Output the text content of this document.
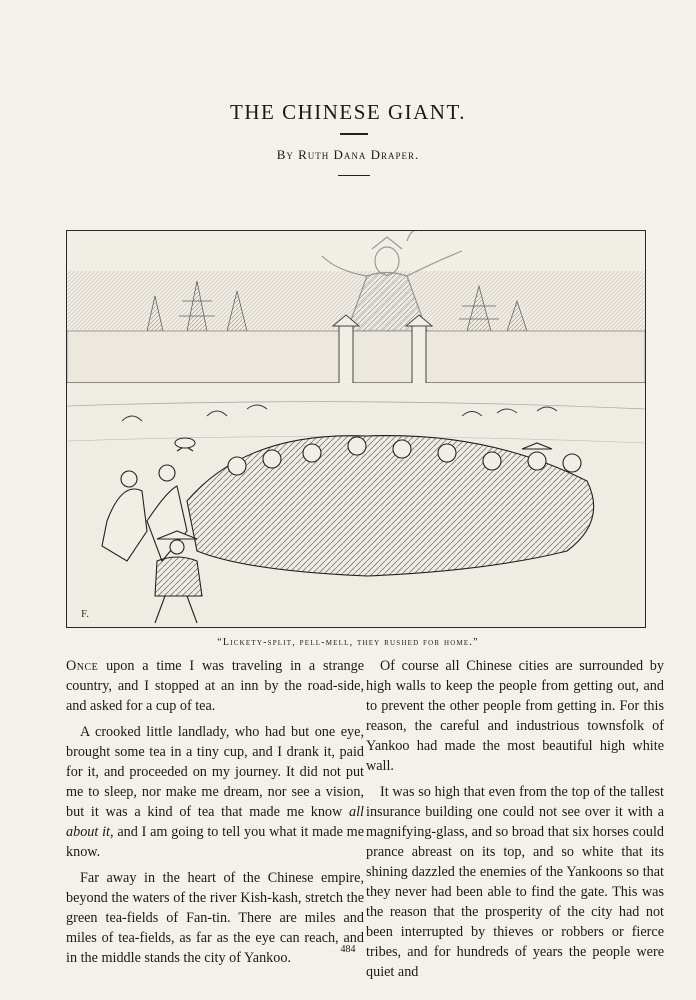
THE CHINESE GIANT.
By Ruth Dana Draper.
F.
“Lickety-split, pell-mell, they rushed for home.”

Once upon a time I was traveling in a strange country, and I stopped at an inn by the road-side, and asked for a cup of tea.

A crooked little landlady, who had but one eye, brought some tea in a tiny cup, and I drank it, paid for it, and proceeded on my journey. It did not put me to sleep, nor make me dream, nor see a vision, but it was a kind of tea that made me know all about it, and I am going to tell you what it made me know.

Far away in the heart of the Chinese empire, beyond the waters of the river Kish-kash, stretch the green tea-fields of Fan-tin. There are miles and miles of tea-fields, as far as the eye can reach, and in the middle stands the city of Yankoo.

Of course all Chinese cities are surrounded by high walls to keep the people from getting out, and to prevent the other people from getting in. For this reason, the careful and industrious townsfolk of Yankoo had made the most beautiful high white wall.

It was so high that even from the top of the tallest insurance building one could not see over it with a magnifying-glass, and so broad that six horses could prance abreast on its top, and so white that its shining dazzled the enemies of the Yankoons so that they never had been able to find the gate. This was the reason that the prosperity of the city had not been interrupted by thieves or robbers or fierce tribes, and for hundreds of years the people were quiet and

484
